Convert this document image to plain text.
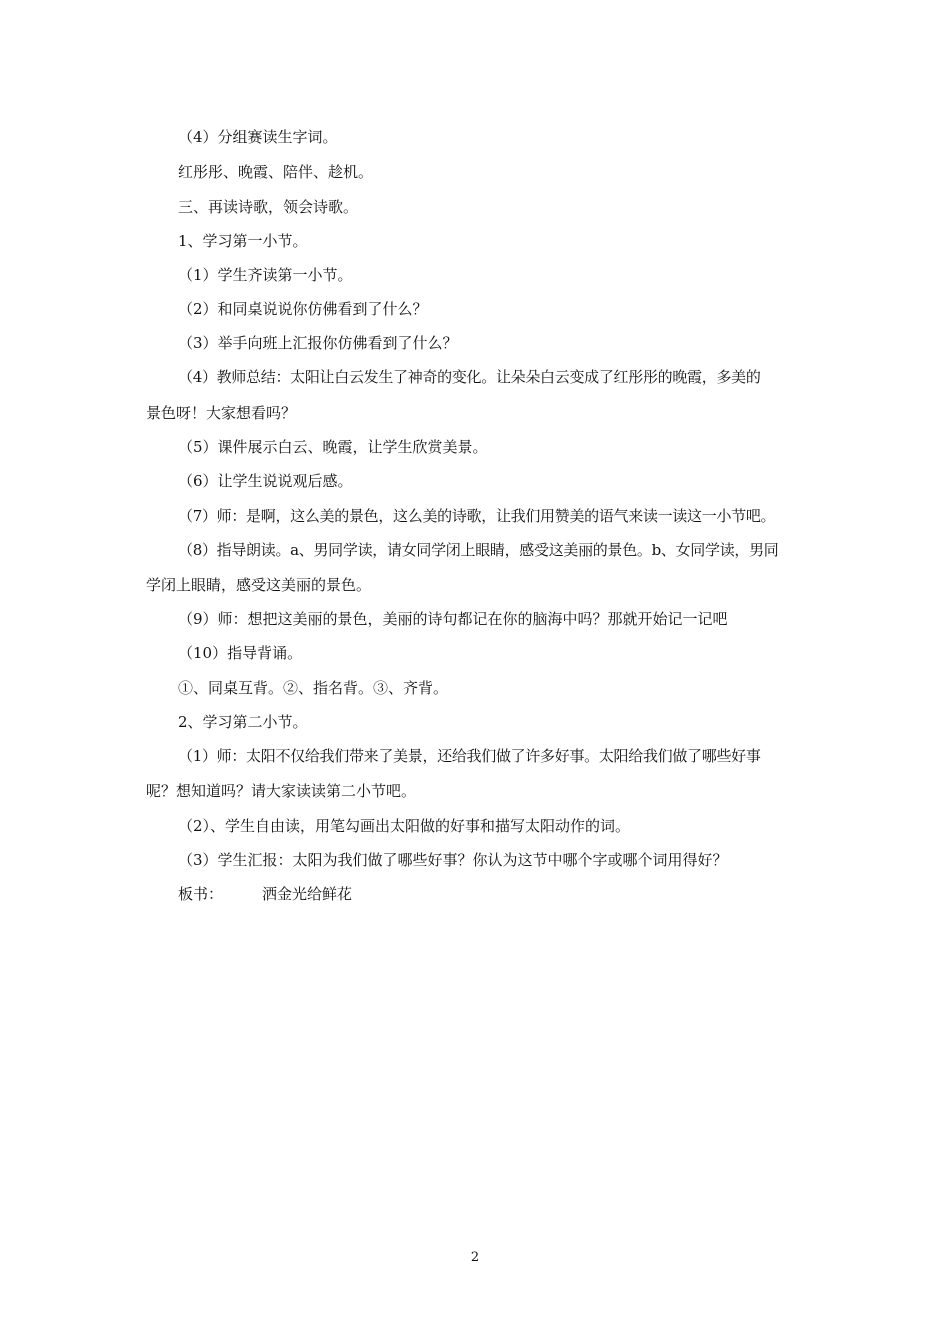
（4）分组赛读生字词。
红彤彤、晚霞、陪伴、趁机。
三、再读诗歌，领会诗歌。
1、学习第一小节。
（1）学生齐读第一小节。
（2）和同桌说说你仿佛看到了什么？
（3）举手向班上汇报你仿佛看到了什么？
（4）教师总结：太阳让白云发生了神奇的变化。让朵朵白云变成了红彤彤的晚霞，多美的
景色呀！大家想看吗？
（5）课件展示白云、晚霞，让学生欣赏美景。
（6）让学生说说观后感。
（7）师：是啊，这么美的景色，这么美的诗歌，让我们用赞美的语气来读一读这一小节吧。
（8）指导朗读。a、男同学读，请女同学闭上眼睛，感受这美丽的景色。b、女同学读，男同
学闭上眼睛，感受这美丽的景色。
（9）师：想把这美丽的景色，美丽的诗句都记在你的脑海中吗？那就开始记一记吧
（10）指导背诵。
①、同桌互背。②、指名背。③、齐背。
2、学习第二小节。
（1）师：太阳不仅给我们带来了美景，还给我们做了许多好事。太阳给我们做了哪些好事
呢？想知道吗？请大家读读第二小节吧。
（2）、学生自由读，用笔勾画出太阳做的好事和描写太阳动作的词。
（3）学生汇报：太阳为我们做了哪些好事？你认为这节中哪个字或哪个词用得好？
板书：	洒金光给鲜花
2
